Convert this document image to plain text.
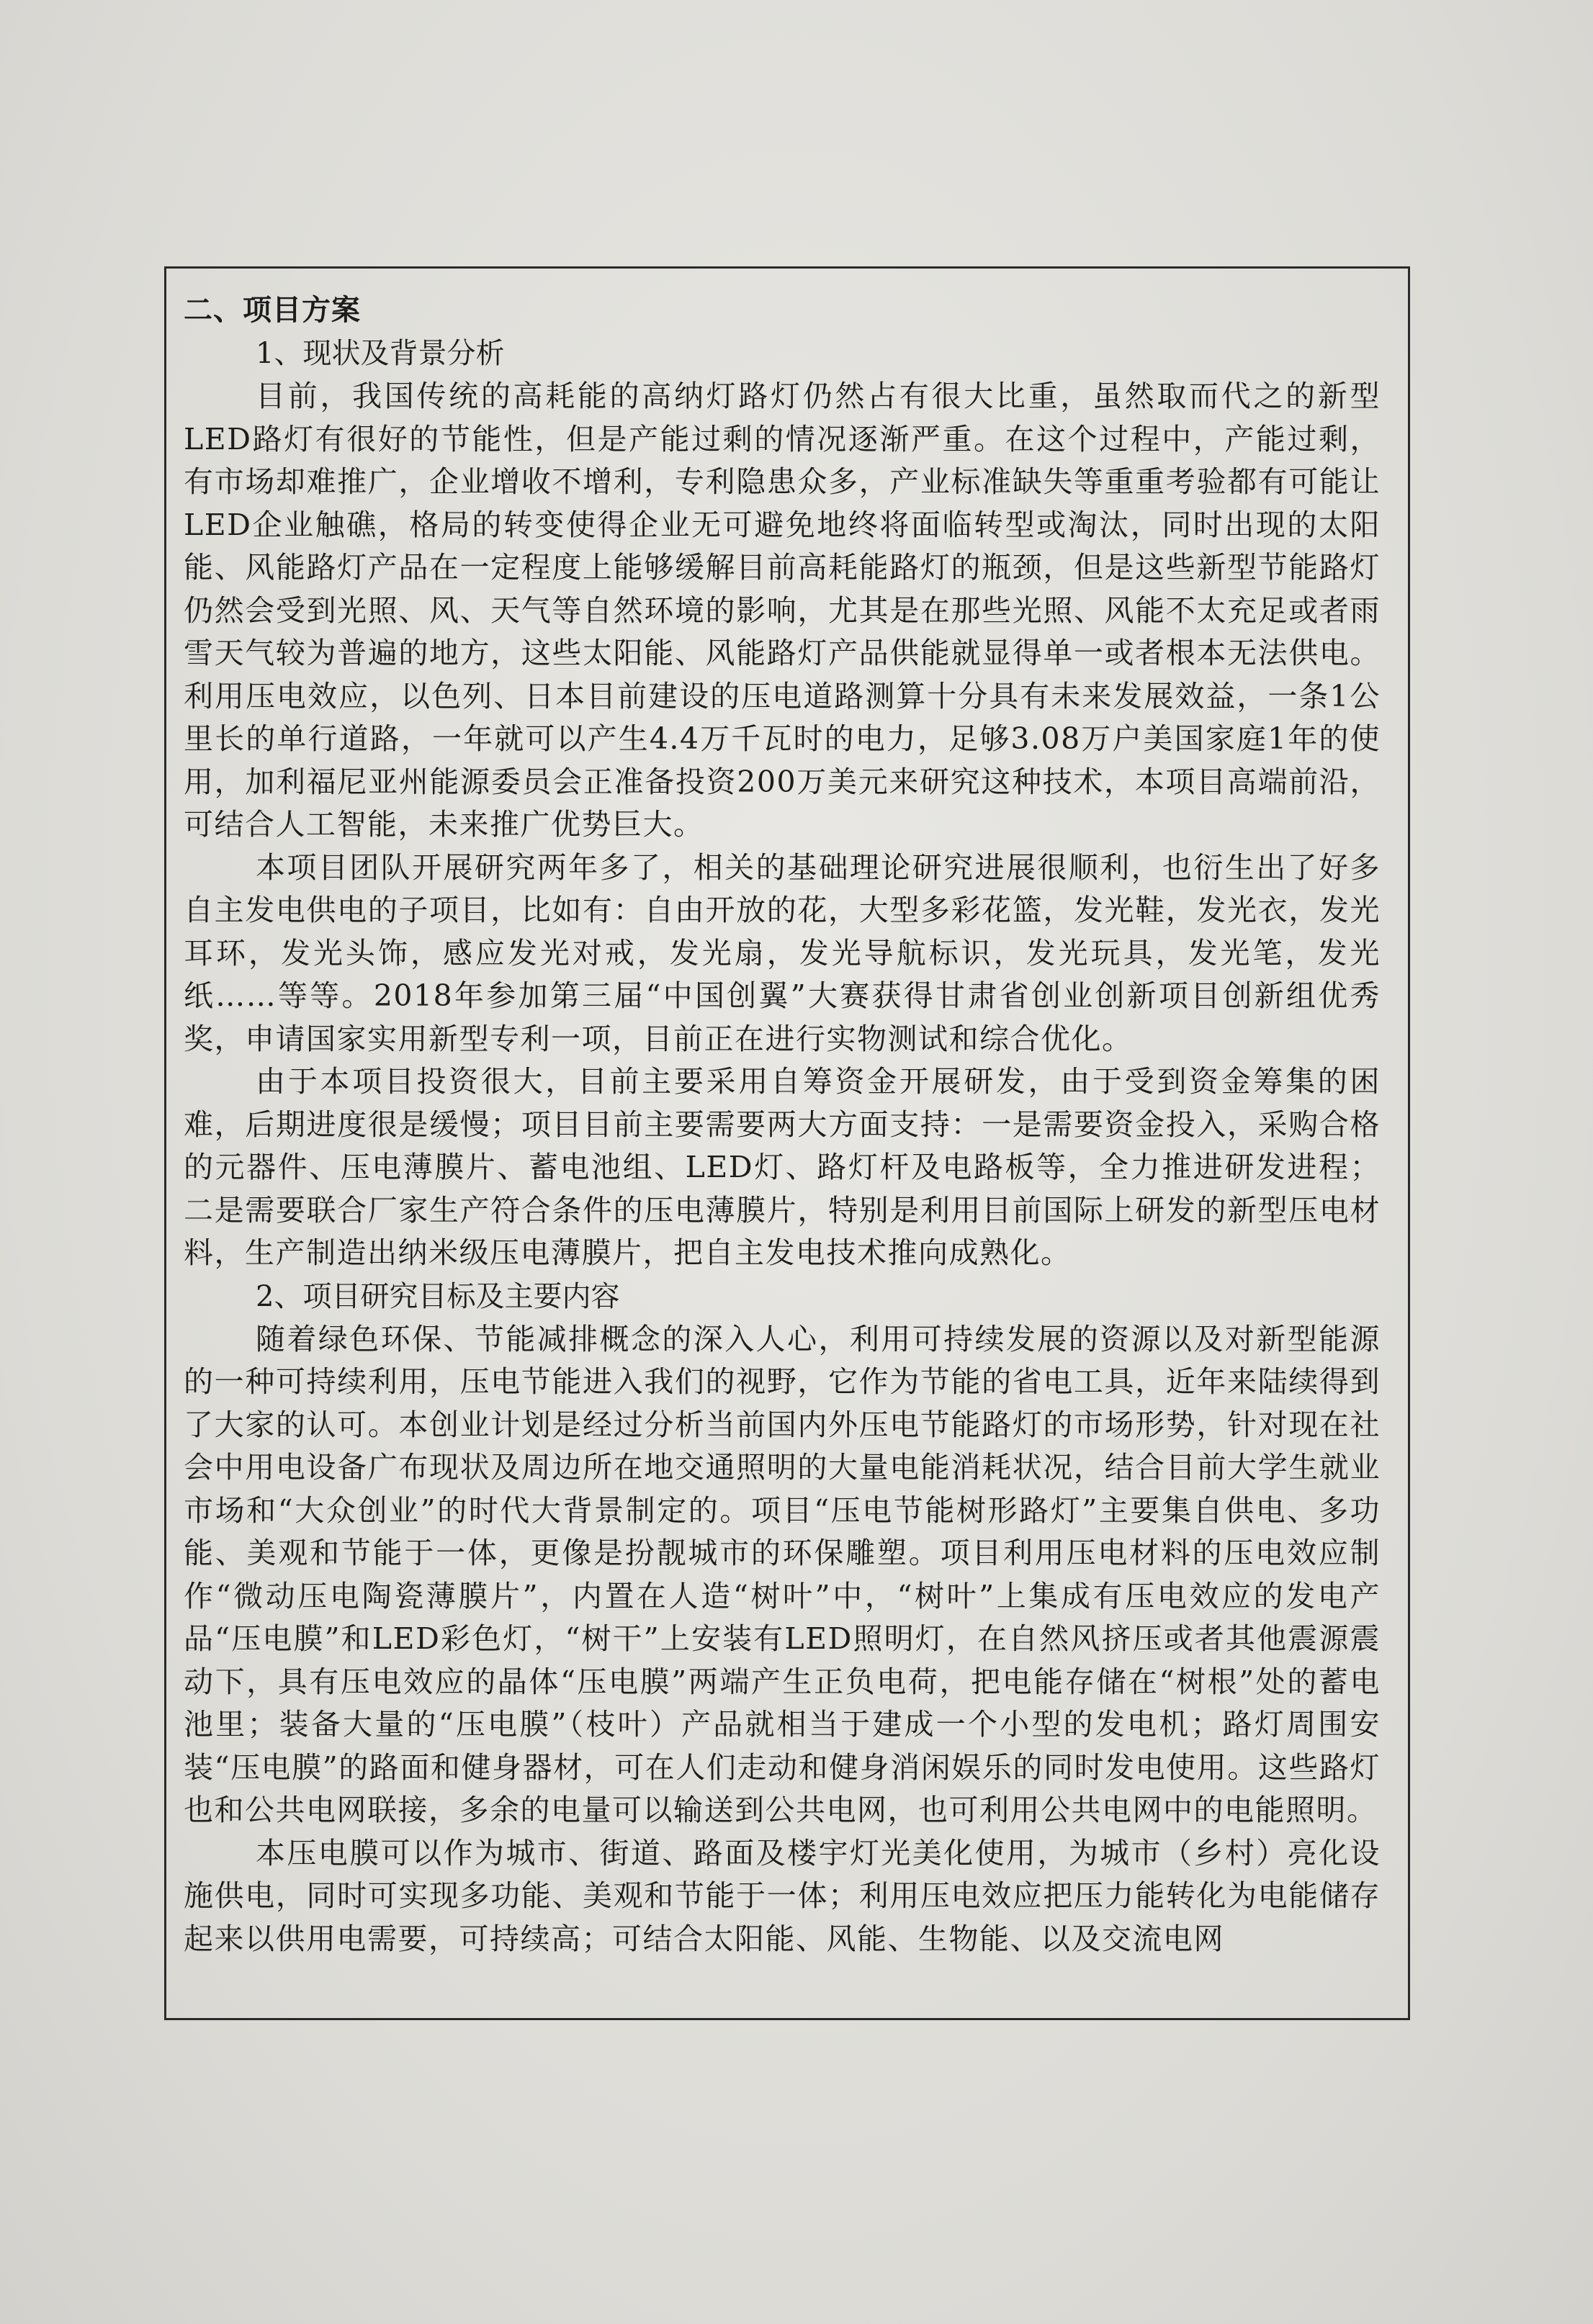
二、项目方案
1、现状及背景分析

目前，我国传统的高耗能的高纳灯路灯仍然占有很大比重，虽然取而代之的新型LED路灯有很好的节能性，但是产能过剩的情况逐渐严重。在这个过程中，产能过剩，有市场却难推广，企业增收不增利，专利隐患众多，产业标准缺失等重重考验都有可能让LED企业触礁，格局的转变使得企业无可避免地终将面临转型或淘汰，同时出现的太阳能、风能路灯产品在一定程度上能够缓解目前高耗能路灯的瓶颈，但是这些新型节能路灯仍然会受到光照、风、天气等自然环境的影响，尤其是在那些光照、风能不太充足或者雨雪天气较为普遍的地方，这些太阳能、风能路灯产品供能就显得单一或者根本无法供电。利用压电效应，以色列、日本目前建设的压电道路测算十分具有未来发展效益，一条1公里长的单行道路，一年就可以产生4.4万千瓦时的电力，足够3.08万户美国家庭1年的使用，加利福尼亚州能源委员会正准备投资200万美元来研究这种技术，本项目高端前沿，可结合人工智能，未来推广优势巨大。

本项目团队开展研究两年多了，相关的基础理论研究进展很顺利，也衍生出了好多自主发电供电的子项目，比如有：自由开放的花，大型多彩花篮，发光鞋，发光衣，发光耳环，发光头饰，感应发光对戒，发光扇，发光导航标识，发光玩具，发光笔，发光纸……等等。2018年参加第三届“中国创翼”大赛获得甘肃省创业创新项目创新组优秀奖，申请国家实用新型专利一项，目前正在进行实物测试和综合优化。

由于本项目投资很大，目前主要采用自筹资金开展研发，由于受到资金筹集的困难，后期进度很是缓慢；项目目前主要需要两大方面支持：一是需要资金投入，采购合格的元器件、压电薄膜片、蓄电池组、LED灯、路灯杆及电路板等，全力推进研发进程；二是需要联合厂家生产符合条件的压电薄膜片，特别是利用目前国际上研发的新型压电材料，生产制造出纳米级压电薄膜片，把自主发电技术推向成熟化。

2、项目研究目标及主要内容

随着绿色环保、节能减排概念的深入人心，利用可持续发展的资源以及对新型能源的一种可持续利用，压电节能进入我们的视野，它作为节能的省电工具，近年来陆续得到了大家的认可。本创业计划是经过分析当前国内外压电节能路灯的市场形势，针对现在社会中用电设备广布现状及周边所在地交通照明的大量电能消耗状况，结合目前大学生就业市场和“大众创业”的时代大背景制定的。项目“压电节能树形路灯”主要集自供电、多功能、美观和节能于一体，更像是扮靓城市的环保雕塑。项目利用压电材料的压电效应制作“微动压电陶瓷薄膜片”，内置在人造“树叶”中，“树叶”上集成有压电效应的发电产品“压电膜”和LED彩色灯，“树干”上安装有LED照明灯，在自然风挤压或者其他震源震动下，具有压电效应的晶体“压电膜”两端产生正负电荷，把电能存储在“树根”处的蓄电池里；装备大量的“压电膜”（枝叶）产品就相当于建成一个小型的发电机；路灯周围安装“压电膜”的路面和健身器材，可在人们走动和健身消闲娱乐的同时发电使用。这些路灯也和公共电网联接，多余的电量可以输送到公共电网，也可利用公共电网中的电能照明。

本压电膜可以作为城市、街道、路面及楼宇灯光美化使用，为城市（乡村）亮化设施供电，同时可实现多功能、美观和节能于一体；利用压电效应把压力能转化为电能储存起来以供用电需要，可持续高；可结合太阳能、风能、生物能、以及交流电网
